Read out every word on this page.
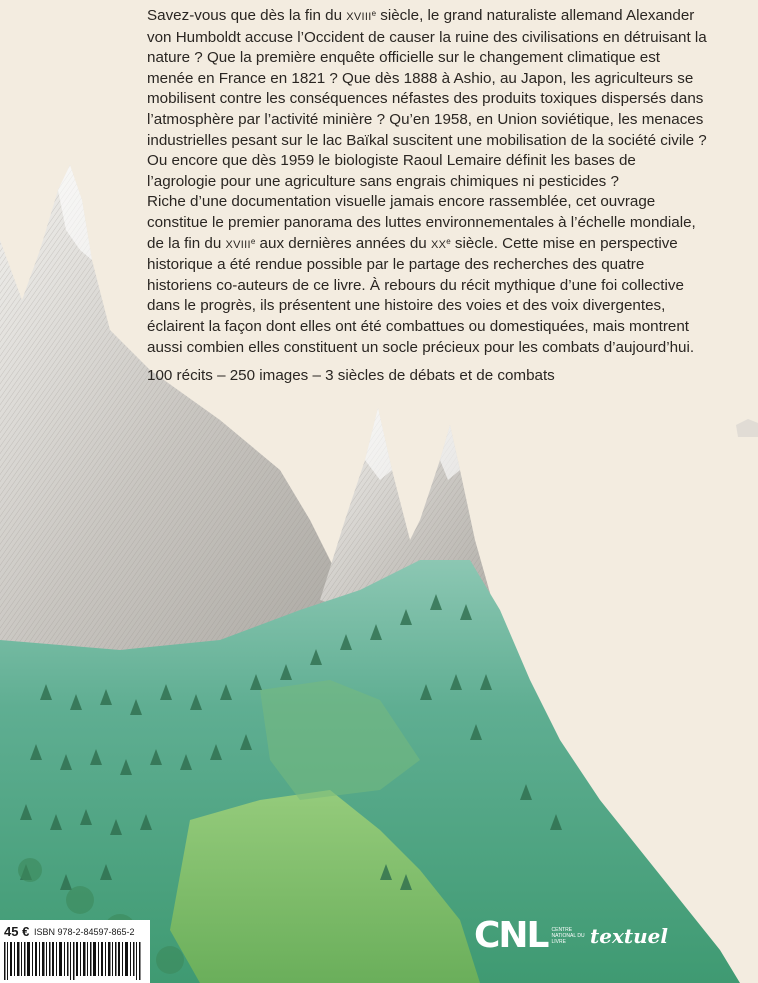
Savez-vous que dès la fin du XVIIIe siècle, le grand naturaliste allemand Alexander von Humboldt accuse l’Occident de causer la ruine des civilisations en détruisant la nature ? Que la première enquête officielle sur le changement climatique est menée en France en 1821 ? Que dès 1888 à Ashio, au Japon, les agriculteurs se mobilisent contre les conséquences néfastes des produits toxiques dispersés dans l’atmosphère par l’activité minière ? Qu’en 1958, en Union soviétique, les menaces industrielles pesant sur le lac Baïkal suscitent une mobilisation de la société civile ? Ou encore que dès 1959 le biologiste Raoul Lemaire définit les bases de l’agrologie pour une agriculture sans engrais chimiques ni pesticides ?

Riche d’une documentation visuelle jamais encore rassemblée, cet ouvrage constitue le premier panorama des luttes environnementales à l’échelle mondiale, de la fin du XVIIIe aux dernières années du XXe siècle. Cette mise en perspective historique a été rendue possible par le partage des recherches des quatre historiens co-auteurs de ce livre. À rebours du récit mythique d’une foi collective dans le progrès, ils présentent une histoire des voies et des voix divergentes, éclairent la façon dont elles ont été combattues ou domestiquées, mais montrent aussi combien elles constituent un socle précieux pour les combats d’aujourd’hui.

100 récits – 250 images – 3 siècles de débats et de combats

45 € ISBN 978-2-84597-865-2	CNL CENTRE NATIONAL DU LIVRE	textuel
